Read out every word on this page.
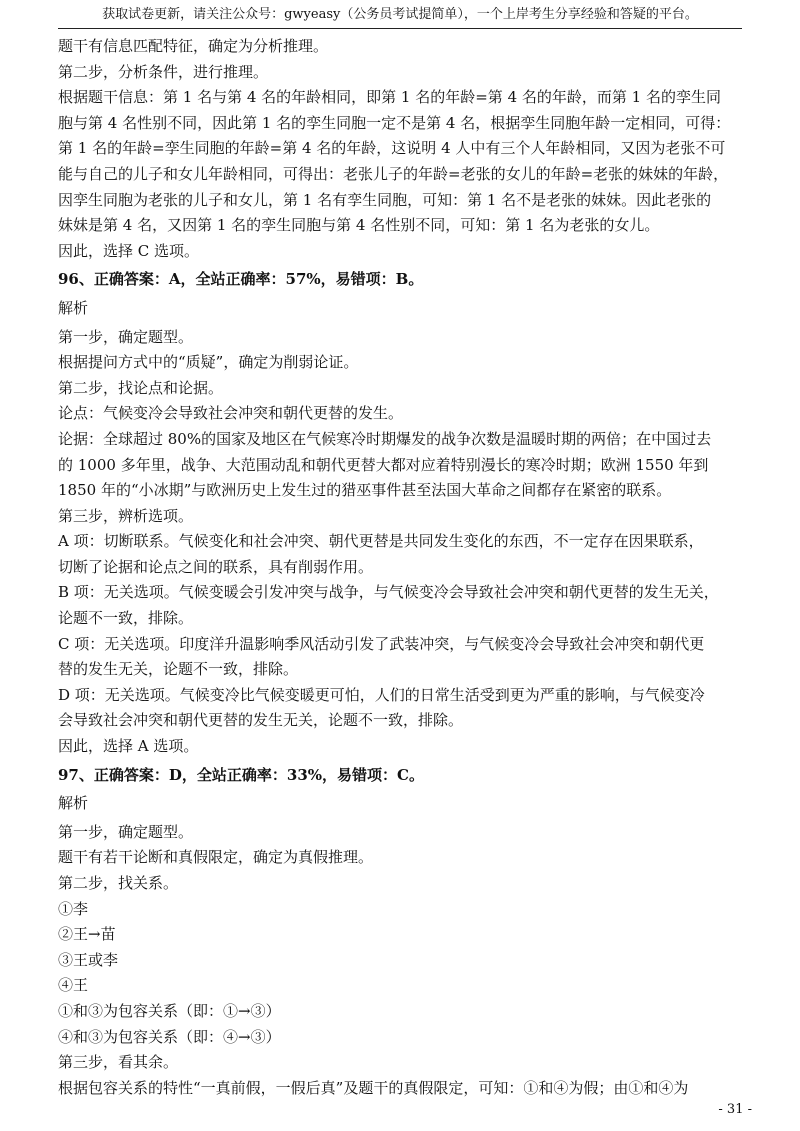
获取试卷更新，请关注公众号：gwyeasy（公务员考试提简单），一个上岸考生分享经验和答疑的平台。
题干有信息匹配特征，确定为分析推理。
第二步，分析条件，进行推理。
根据题干信息：第 1 名与第 4 名的年龄相同，即第 1 名的年龄=第 4 名的年龄，而第 1 名的孪生同
胞与第 4 名性别不同，因此第 1 名的孪生同胞一定不是第 4 名，根据孪生同胞年龄一定相同，可得：
第 1 名的年龄=孪生同胞的年龄=第 4 名的年龄，这说明 4 人中有三个人年龄相同，又因为老张不可
能与自己的儿子和女儿年龄相同，可得出：老张儿子的年龄=老张的女儿的年龄=老张的妹妹的年龄，
因孪生同胞为老张的儿子和女儿，第 1 名有孪生同胞，可知：第 1 名不是老张的妹妹。因此老张的
妹妹是第 4 名，又因第 1 名的孪生同胞与第 4 名性别不同，可知：第 1 名为老张的女儿。
因此，选择 C 选项。
96、正确答案：A，全站正确率：57%，易错项：B。
解析
第一步，确定题型。
根据提问方式中的“质疑”，确定为削弱论证。
第二步，找论点和论据。
论点：气候变冷会导致社会冲突和朝代更替的发生。
论据：全球超过 80%的国家及地区在气候寒冷时期爆发的战争次数是温暖时期的两倍；在中国过去
的 1000 多年里，战争、大范围动乱和朝代更替大都对应着特别漫长的寒冷时期；欧洲 1550 年到
1850 年的“小冰期”与欧洲历史上发生过的猎巫事件甚至法国大革命之间都存在紧密的联系。
第三步，辨析选项。
A 项：切断联系。气候变化和社会冲突、朝代更替是共同发生变化的东西，不一定存在因果联系，
切断了论据和论点之间的联系，具有削弱作用。
B 项：无关选项。气候变暖会引发冲突与战争，与气候变冷会导致社会冲突和朝代更替的发生无关，
论题不一致，排除。
C 项：无关选项。印度洋升温影响季风活动引发了武装冲突，与气候变冷会导致社会冲突和朝代更
替的发生无关，论题不一致，排除。
D 项：无关选项。气候变冷比气候变暖更可怕，人们的日常生活受到更为严重的影响，与气候变冷
会导致社会冲突和朝代更替的发生无关，论题不一致，排除。
因此，选择 A 选项。
97、正确答案：D，全站正确率：33%，易错项：C。
解析
第一步，确定题型。
题干有若干论断和真假限定，确定为真假推理。
第二步，找关系。
①李
②王→苗
③王或李
④王
①和③为包容关系（即：①→③）
④和③为包容关系（即：④→③）
第三步，看其余。
根据包容关系的特性“一真前假，一假后真”及题干的真假限定，可知：①和④为假；由①和④为
- 31 -
